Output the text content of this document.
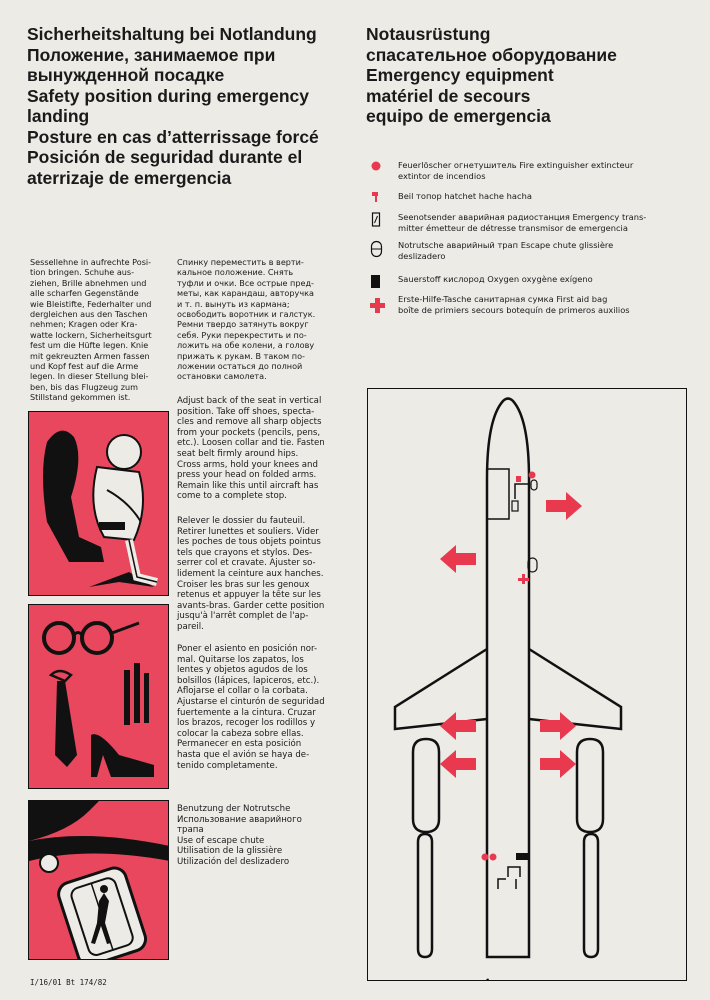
Sicherheitshaltung bei Notlandung
Положение, занимаемое при
вынужденной посадке
Safety position during emergency
landing
Posture en cas d’atterrissage forcé
Posición de seguridad durante el
aterrizaje de emergencia
Notausrüstung
спасательное оборудование
Emergency equipment
matériel de secours
equipo de emergencia
Feuerlöscher огнетушитель Fire extinguisher extincteur
extintor de incendios
Beil топор hatchet hache hacha
Seenotsender аварийная радиостанция Emergency trans-
mitter émetteur de détresse transmisor de emergencia
Notrutsche аварийный трап Escape chute glissière
deslizadero
Sauerstoff кислород Oxygen oxygène exígeno
Erste-Hilfe-Tasche санитарная сумка First aid bag
boîte de primiers secours botequín de primeros auxilios
Sessellehne in aufrechte Posi-
tion bringen. Schuhe aus-
ziehen, Brille abnehmen und
alle scharfen Gegenstände
wie Bleistifte, Federhalter und
dergleichen aus den Taschen
nehmen; Kragen oder Kra-
watte lockern, Sicherheitsgurt
fest um die Hüfte legen. Knie
mit gekreuzten Armen fassen
und Kopf fest auf die Arme
legen. In dieser Stellung blei-
ben, bis das Flugzeug zum
Stillstand gekommen ist.
Спинку переместить в верти-
кальное положение. Снять
туфли и очки. Все острые пред-
меты, как карандаш, авторучка
и т. п. вынуть из кармана;
освободить воротник и галстук.
Ремни твердо затянуть вокруг
себя. Руки перекрестить и по-
ложить на обе колени, а голову
прижать к рукам. В таком по-
ложении остаться до полной
остановки самолета.
Adjust back of the seat in vertical
position. Take off shoes, specta-
cles and remove all sharp objects
from your pockets (pencils, pens,
etc.). Loosen collar and tie. Fasten
seat belt firmly around hips.
Cross arms, hold your knees and
press your head on folded arms.
Remain like this until aircraft has
come to a complete stop.
Relever le dossier du fauteuil.
Retirer lunettes et souliers. Vider
les poches de tous objets pointus
tels que crayons et stylos. Des-
serrer col et cravate. Ajuster so-
lidement la ceinture aux hanches.
Croiser les bras sur les genoux
retenus et appuyer la tête sur les
avants-bras. Garder cette position
jusqu'à l'arrêt complet de l'ap-
pareil.
Poner el asiento en posición nor-
mal. Quitarse los zapatos, los
lentes y objetos agudos de los
bolsillos (lápices, lapiceros, etc.).
Aflojarse el collar o la corbata.
Ajustarse el cinturón de seguridad
fuertemente a la cintura. Cruzar
los brazos, recoger los rodillos y
colocar la cabeza sobre ellas.
Permanecer en esta posición
hasta que el avión se haya de-
tenido completamente.
Benutzung der Notrutsche
Использование аварийного
трапа
Use of escape chute
Utilisation de la glissière
Utilización del deslizadero
I/16/01 Bt 174/82
